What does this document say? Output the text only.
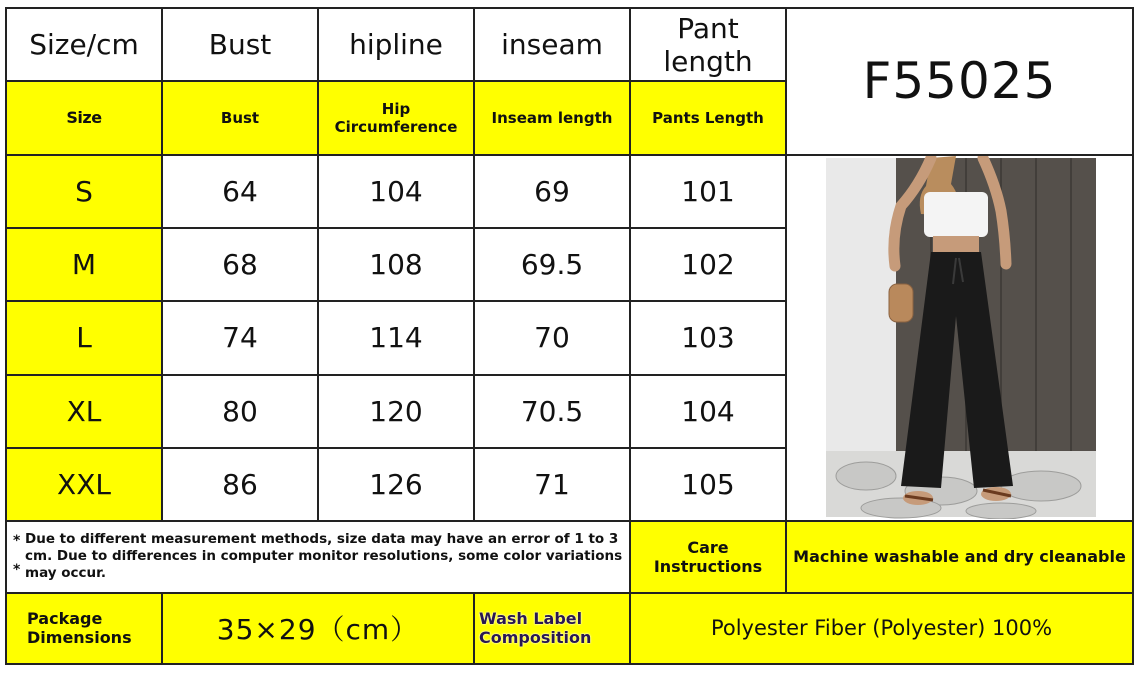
Size/cm	Bust	hipline	inseam	Pant length	F55025
Size	Bust	Hip Circumference	Inseam length	Pants Length	
S	64	104	69	101	

M	68	108	69.5	102	
L	74	114	70	103	
XL	80	120	70.5	104	
XXL	86	126	71	105	

*
*
Due to different measurement methods, size data may have an error of 1 to 3 cm. Due to differences in computer monitor resolutions, some color variations may occur.				Care Instructions	Machine washable and dry cleanable
Package Dimensions	35×29（cm）		Wash Label Composition	Polyester Fiber (Polyester) 100%	
